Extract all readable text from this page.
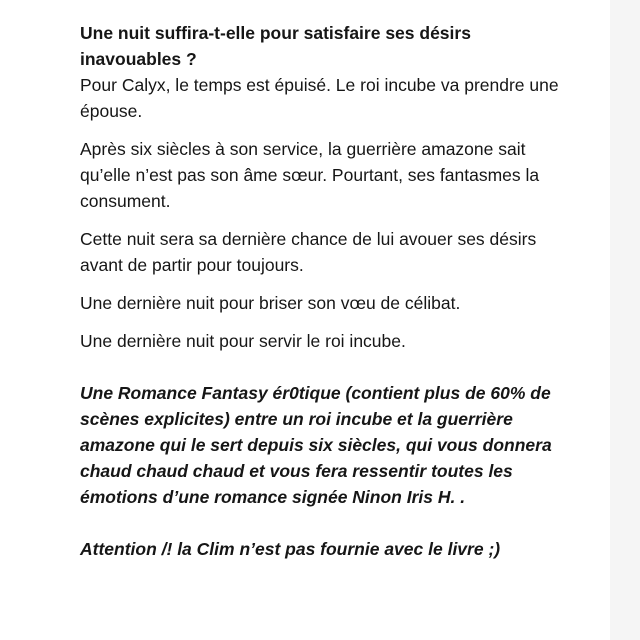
Une nuit suffira-t-elle pour satisfaire ses désirs inavouables ?

Pour Calyx, le temps est épuisé. Le roi incube va prendre une épouse.

Après six siècles à son service, la guerrière amazone sait qu’elle n’est pas son âme sœur. Pourtant, ses fantasmes la consument.

Cette nuit sera sa dernière chance de lui avouer ses désirs avant de partir pour toujours.

Une dernière nuit pour briser son vœu de célibat.

Une dernière nuit pour servir le roi incube.

Une Romance Fantasy ér0tique (contient plus de 60% de scènes explicites) entre un roi incube et la guerrière amazone qui le sert depuis six siècles, qui vous donnera chaud chaud chaud et vous fera ressentir toutes les émotions d’une romance signée Ninon Iris H. .

Attention /! la Clim n’est pas fournie avec le livre ;)
